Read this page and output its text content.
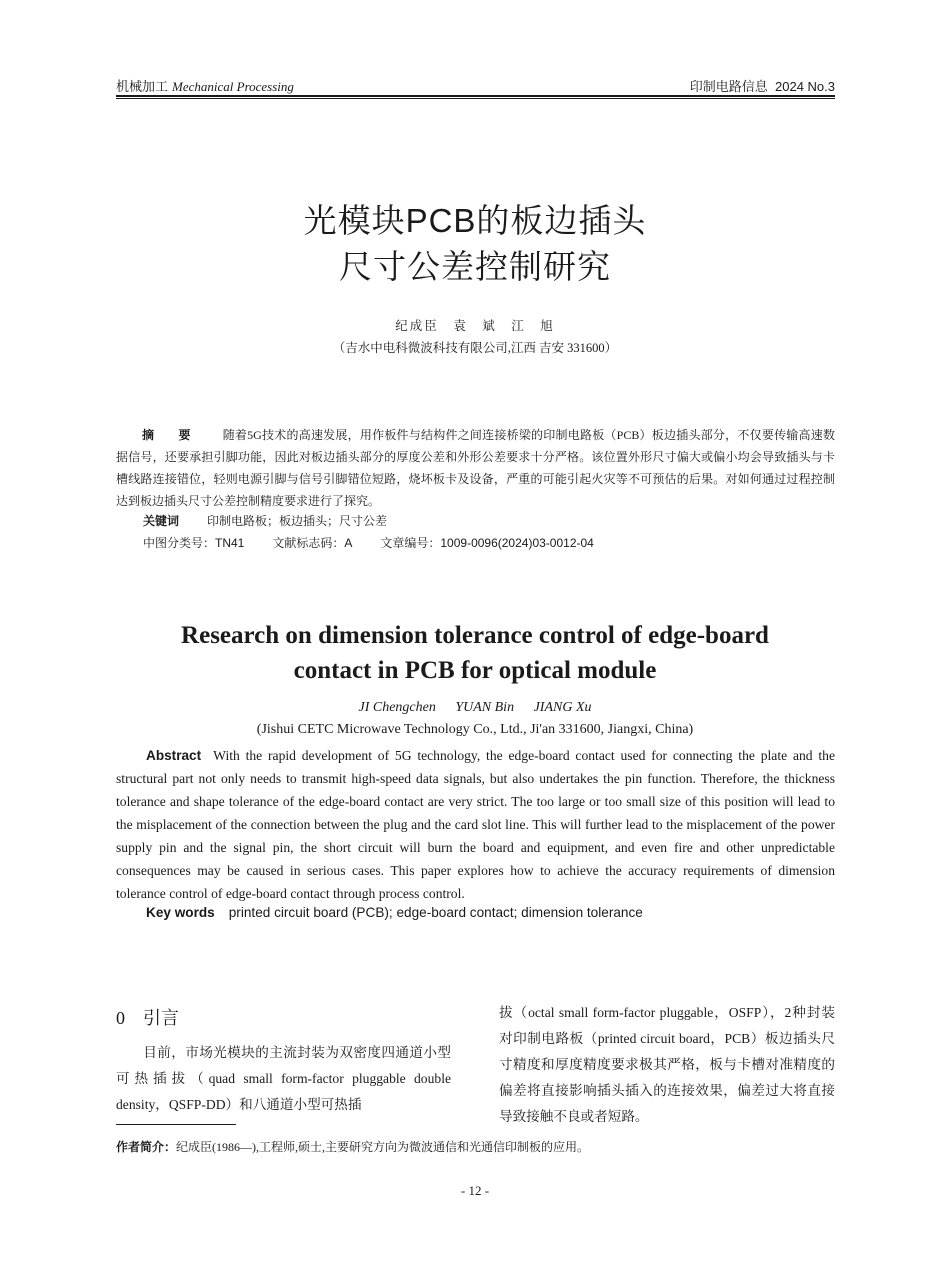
机械加工 Mechanical Processing	印制电路信息  2024 No.3
光模块PCB的板边插头
尺寸公差控制研究
纪成臣　袁　斌　江　旭
（吉水中电科微波科技有限公司,江西 吉安 331600）
摘　要 随着5G技术的高速发展，用作板件与结构件之间连接桥梁的印制电路板（PCB）板边插头部分，不仅要传输高速数据信号，还要承担引脚功能，因此对板边插头部分的厚度公差和外形公差要求十分严格。该位置外形尺寸偏大或偏小均会导致插头与卡槽线路连接错位，轻则电源引脚与信号引脚错位短路，烧坏板卡及设备，严重的可能引起火灾等不可预估的后果。对如何通过过程控制达到板边插头尺寸公差控制精度要求进行了探究。
关键词 印制电路板；板边插头；尺寸公差
中图分类号：TN41 文献标志码：A 文章编号：1009-0096(2024)03-0012-04
Research on dimension tolerance control of edge-board
contact in PCB for optical module
JI Chengchen YUAN Bin JIANG Xu
(Jishui CETC Microwave Technology Co., Ltd., Ji'an 331600, Jiangxi, China)
Abstract With the rapid development of 5G technology, the edge-board contact used for connecting the plate and the structural part not only needs to transmit high-speed data signals, but also undertakes the pin function. Therefore, the thickness tolerance and shape tolerance of the edge-board contact are very strict. The too large or too small size of this position will lead to the misplacement of the connection between the plug and the card slot line. This will further lead to the misplacement of the power supply pin and the signal pin, the short circuit will burn the board and equipment, and even fire and other unpredictable consequences may be caused in serious cases. This paper explores how to achieve the accuracy requirements of dimension tolerance control of edge-board contact through process control.
Key words printed circuit board (PCB); edge-board contact; dimension tolerance
0 引言
目前，市场光模块的主流封装为双密度四通道小型可热插拔（quad small form-factor pluggable double density，QSFP-DD）和八通道小型可热插
拔（octal small form-factor pluggable，OSFP），2种封装对印制电路板（printed circuit board，PCB）板边插头尺寸精度和厚度精度要求极其严格，板与卡槽对准精度的偏差将直接影响插头插入的连接效果，偏差过大将直接导致接触不良或者短路。
作者简介：纪成臣(1986—),工程师,硕士,主要研究方向为微波通信和光通信印制板的应用。
- 12 -
